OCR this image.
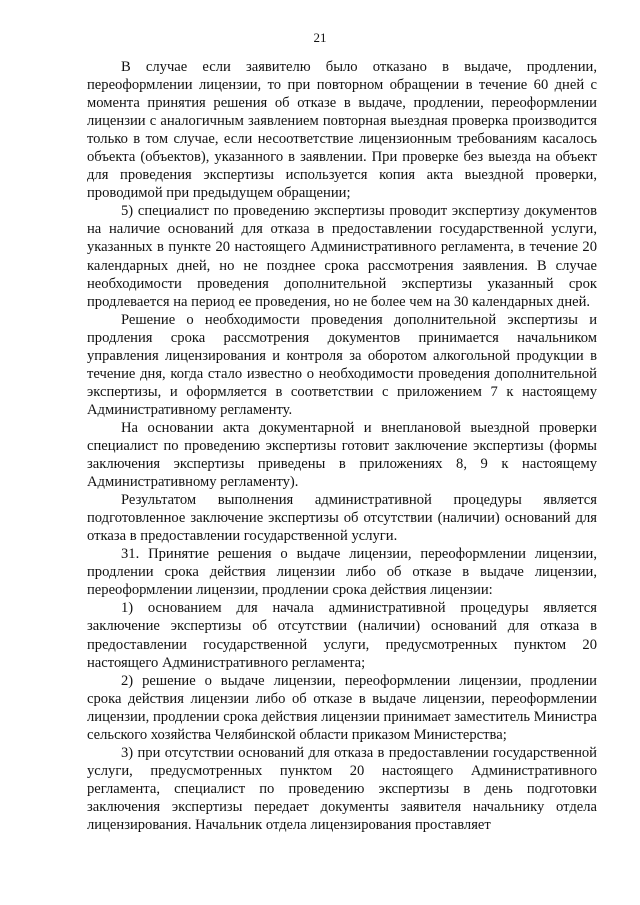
21

В случае если заявителю было отказано в выдаче, продлении, переоформлении лицензии, то при повторном обращении в течение 60 дней с момента принятия решения об отказе в выдаче, продлении, переоформлении лицензии с аналогичным заявлением повторная выездная проверка производится только в том случае, если несоответствие лицензионным требованиям касалось объекта (объектов), указанного в заявлении. При проверке без выезда на объект для проведения экспертизы используется копия акта выездной проверки, проводимой при предыдущем обращении;

5) специалист по проведению экспертизы проводит экспертизу документов на наличие оснований для отказа в предоставлении государственной услуги, указанных в пункте 20 настоящего Административного регламента, в течение 20 календарных дней, но не позднее срока рассмотрения заявления. В случае необходимости проведения дополнительной экспертизы указанный срок продлевается на период ее проведения, но не более чем на 30 календарных дней.

Решение о необходимости проведения дополнительной экспертизы и продления срока рассмотрения документов принимается начальником управления лицензирования и контроля за оборотом алкогольной продукции в течение дня, когда стало известно о необходимости проведения дополнительной экспертизы, и оформляется в соответствии с приложением 7 к настоящему Административному регламенту.

На основании акта документарной и внеплановой выездной проверки специалист по проведению экспертизы готовит заключение экспертизы (формы заключения экспертизы приведены в приложениях 8, 9 к настоящему Административному регламенту).

Результатом выполнения административной процедуры является подготовленное заключение экспертизы об отсутствии (наличии) оснований для отказа в предоставлении государственной услуги.

31. Принятие решения о выдаче лицензии, переоформлении лицензии, продлении срока действия лицензии либо об отказе в выдаче лицензии, переоформлении лицензии, продлении срока действия лицензии:

1) основанием для начала административной процедуры является заключение экспертизы об отсутствии (наличии) оснований для отказа в предоставлении государственной услуги, предусмотренных пунктом 20 настоящего Административного регламента;

2) решение о выдаче лицензии, переоформлении лицензии, продлении срока действия лицензии либо об отказе в выдаче лицензии, переоформлении лицензии, продлении срока действия лицензии принимает заместитель Министра сельского хозяйства Челябинской области приказом Министерства;

3) при отсутствии оснований для отказа в предоставлении государственной услуги, предусмотренных пунктом 20 настоящего Административного регламента, специалист по проведению экспертизы в день подготовки заключения экспертизы передает документы заявителя начальнику отдела лицензирования. Начальник отдела лицензирования проставляет
